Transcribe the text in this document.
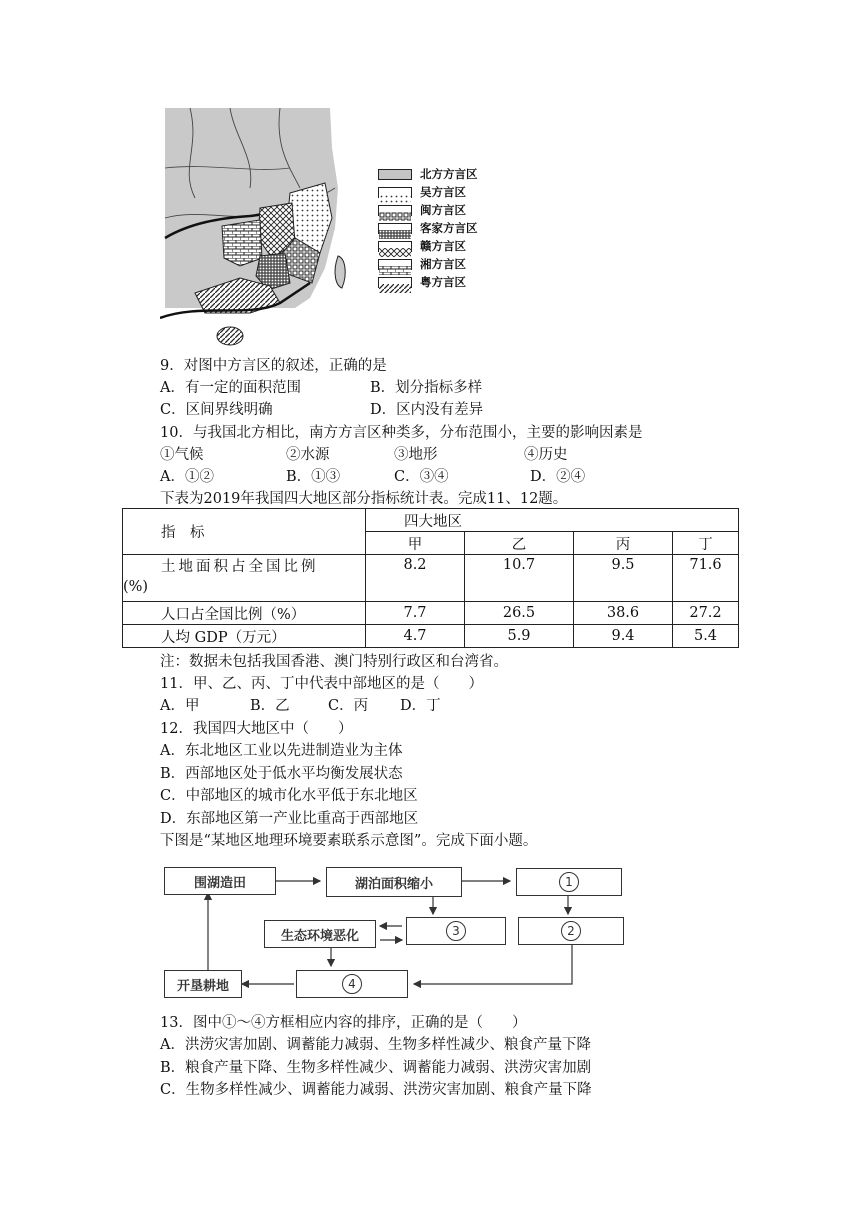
北方方言区
吴方言区
闽方言区
客家方言区
赣方言区
湘方言区
粤方言区
9．对图中方言区的叙述，正确的是
A．有一定的面积范围	B．划分指标多样
C．区间界线明确	D．区内没有差异
10．与我国北方相比，南方方言区种类多，分布范围小，主要的影响因素是
①气候	②水源	③地形	④历史
A．①②	B．①③	C．③④	D．②④
下表为2019年我国四大地区部分指标统计表。完成11、12题。
指　标	四大地区			
	甲	乙	丙	丁
土地面积占全国比例
(%)	8.2	10.7	9.5	71.6
人口占全国比例（%）	7.7	26.5	38.6	27.2
人均 GDP（万元）	4.7	5.9	9.4	5.4
注：数据未包括我国香港、澳门特别行政区和台湾省。
11．甲、乙、丙、丁中代表中部地区的是（　　）
A．甲	B．乙	C．丙 D．丁
12．我国四大地区中（　　）
A．东北地区工业以先进制造业为主体
B．西部地区处于低水平均衡发展状态
C．中部地区的城市化水平低于东北地区
D．东部地区第一产业比重高于西部地区
下图是“某地区地理环境要素联系示意图”。完成下面小题。
围湖造田	湖泊面积缩小	1
生态环境恶化	3	2
开垦耕地	4
13．图中①～④方框相应内容的排序，正确的是（　　）
A．洪涝灾害加剧、调蓄能力减弱、生物多样性减少、粮食产量下降
B．粮食产量下降、生物多样性减少、调蓄能力减弱、洪涝灾害加剧
C．生物多样性减少、调蓄能力减弱、洪涝灾害加剧、粮食产量下降
